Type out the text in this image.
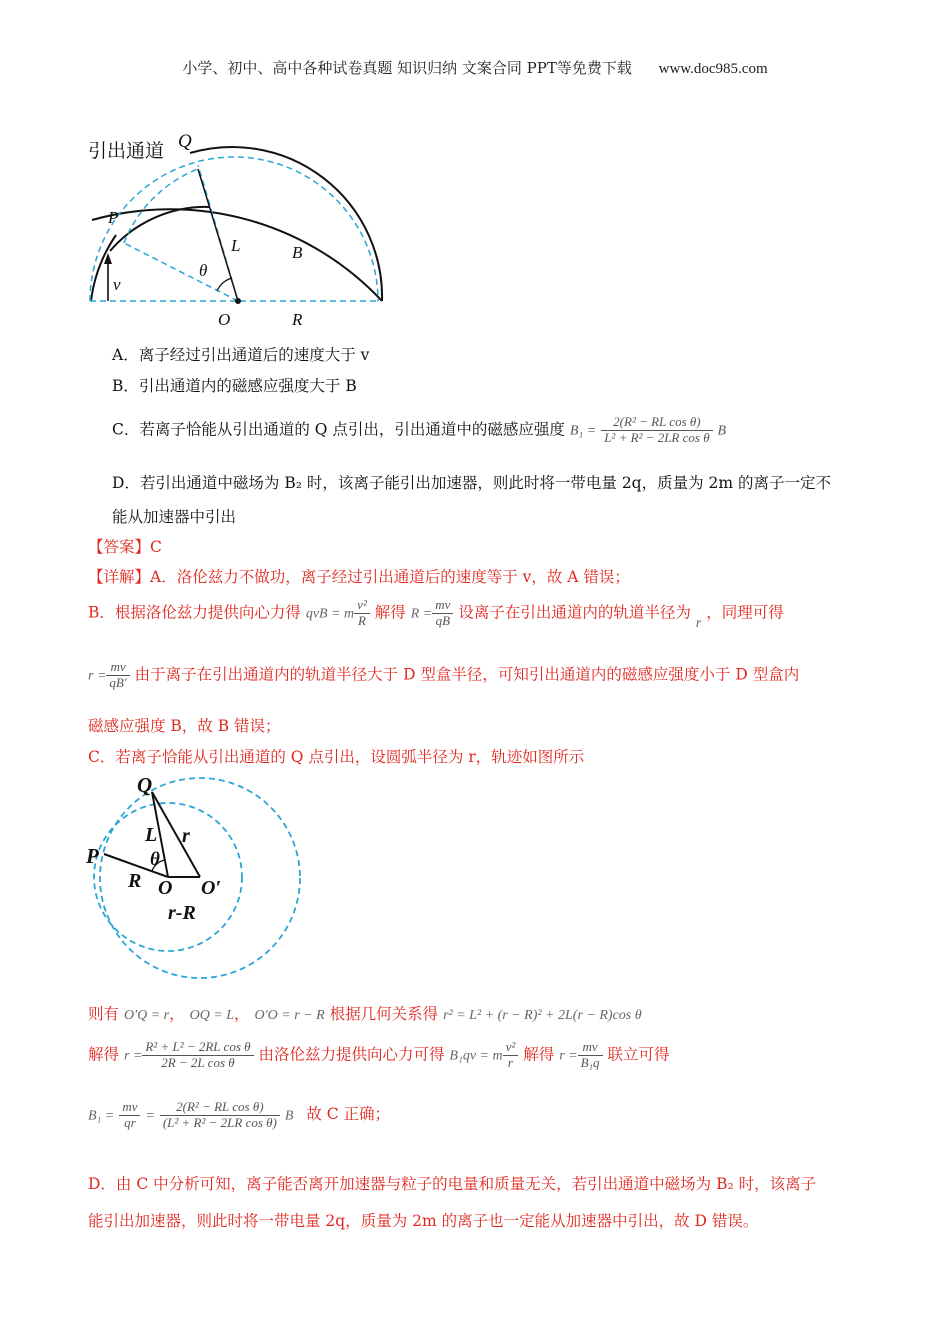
小学、初中、高中各种试卷真题 知识归纳 文案合同 PPT等免费下载 www.doc985.com
引出通道 Q
P
L	B
θ
v
O	R
A．离子经过引出通道后的速度大于 v
B．引出通道内的磁感应强度大于 B
C．若离子恰能从引出通道的 Q 点引出，引出通道中的磁感应强度 $B_1 = \frac{\text{2(R² − RL cos θ)}}{\text{L² + R² − 2LR cos θ}}$ B
D．若引出通道中磁场为 B₂ 时，该离子能引出加速器，则此时将一带电量 2q，质量为 2m 的离子一定不
能从加速器中引出
【答案】C
【详解】A．洛伦兹力不做功，离子经过引出通道后的速度等于 v，故 A 错误；
B．根据洛伦兹力提供向心力得 qvB = m $\frac{\text{v²}}{R}$ 解得 $R = \frac{mv}{qB}$ 设离子在引出通道内的轨道半径为 r ，同理可得
$r = \frac{mv}{qB'}$ 由于离子在引出通道内的轨道半径大于 D 型盒半径，可知引出通道内的磁感应强度小于 D 型盒内
磁感应强度 B，故 B 错误；
C．若离子恰能从引出通道的 Q 点引出，设圆弧半径为 r，轨迹如图所示
Q
P
L r
θ
R O O′
r-R
则有 O′Q = r， OQ = L， O′O = r − R 根据几何关系得 r² = L² + (r − R)² + 2L(r − R)cos θ
解得 $r = \frac{\text{R² + L² − 2RL cos θ}}{\text{2R − 2L cos θ}}$ 由洛伦兹力提供向心力可得 B₁qv = m $\frac{\text{v²}}{r}$ 解得 $r = \frac{mv}{\text{B₁q}}$ 联立可得
$B_1 = \frac{mv}{qr} = \frac{\text{2(R² − RL cos θ)}}{\text{(L² + R² − 2LR cos θ)}}$ B 故 C 正确；
D．由 C 中分析可知，离子能否离开加速器与粒子的电量和质量无关，若引出通道中磁场为 B₂ 时，该离子
能引出加速器，则此时将一带电量 2q，质量为 2m 的离子也一定能从加速器中引出，故 D 错误。
